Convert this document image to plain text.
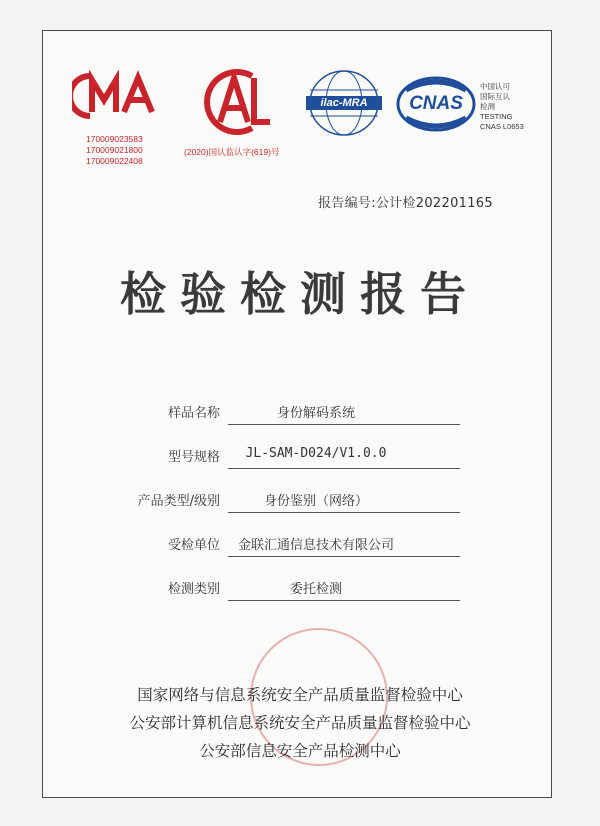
170009023583
170009021800
170009022408
(2020)国认监认字(619)号
ilac-MRA	CNAS
中国认可
国际互认
检测
TESTING
CNAS L0653
报告编号:公计检202201165
检验检测报告
样品名称	身份解码系统
型号规格	JL-SAM-D024/V1.0.0
产品类型/级别	身份鉴别（网络）
受检单位	金联汇通信息技术有限公司
检测类别	委托检测
国家网络与信息系统安全产品质量监督检验中心
公安部计算机信息系统安全产品质量监督检验中心
公安部信息安全产品检测中心
